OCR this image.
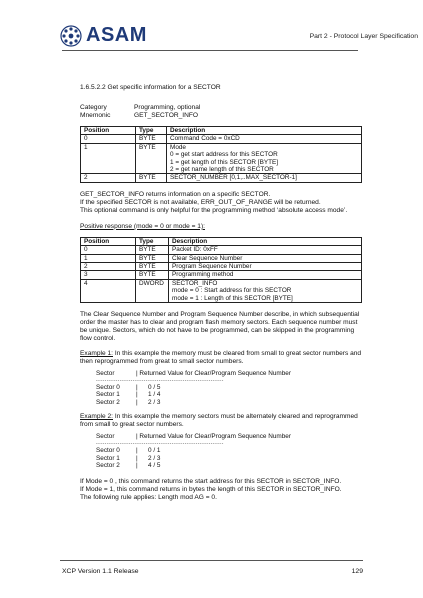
ASAM	Part 2 - Protocol Layer Specification

1.6.5.2.2 Get specific information for a SECTOR

Category	Programming, optional
Mnemonic	GET_SECTOR_INFO
Position	Type	Description
0	BYTE	Command Code = 0xCD

1	BYTE	Mode
0 = get start address for this SECTOR
1 = get length of this SECTOR [BYTE]
2 = get name length of this SECTOR

2	BYTE	SECTOR_NUMBER [0,1,..MAX_SECTOR-1]

GET_SECTOR_INFO returns information on a specific SECTOR.

If the specified SECTOR is not available, ERR_OUT_OF_RANGE will be returned.

This optional command is only helpful for the programming method ‘absolute access mode’.

Positive response (mode = 0 or mode = 1):

Position	Type	Description
0	BYTE	Packet ID: 0xFF
1	BYTE	Clear Sequence Number
2	BYTE	Program Sequence Number
3	BYTE	Programming method
4	DWORD	SECTOR_INFO
mode = 0 : Start address for this SECTOR
mode = 1 : Length of this SECTOR [BYTE]

The Clear Sequence Number and Program Sequence Number describe, in which subsequential order the master has to clear and program flash memory sectors. Each sequence number must be unique. Sectors, which do not have to be programmed, can be skipped in the programming flow control.

Example 1: In this example the memory must be cleared from small to great sector numbers and then reprogrammed from great to small sector numbers.

Sector	| Returned Value for Clear/Program Sequence Number
-----------------------------------------------------------
Sector 0	|	0 / 5
Sector 1	|	1 / 4
Sector 2	|	2 / 3

Example 2: In this example the memory sectors must be alternately cleared and reprogrammed from small to great sector numbers.

Sector	| Returned Value for Clear/Program Sequence Number
-----------------------------------------------------------
Sector 0	|	0 / 1
Sector 1	|	2 / 3
Sector 2	|	4 / 5

If Mode = 0 , this command returns the start address for this SECTOR in SECTOR_INFO.

If Mode = 1, this command returns in bytes the length of this SECTOR in SECTOR_INFO.

The following rule applies: Length mod AG = 0.

XCP Version 1.1 Release	129
